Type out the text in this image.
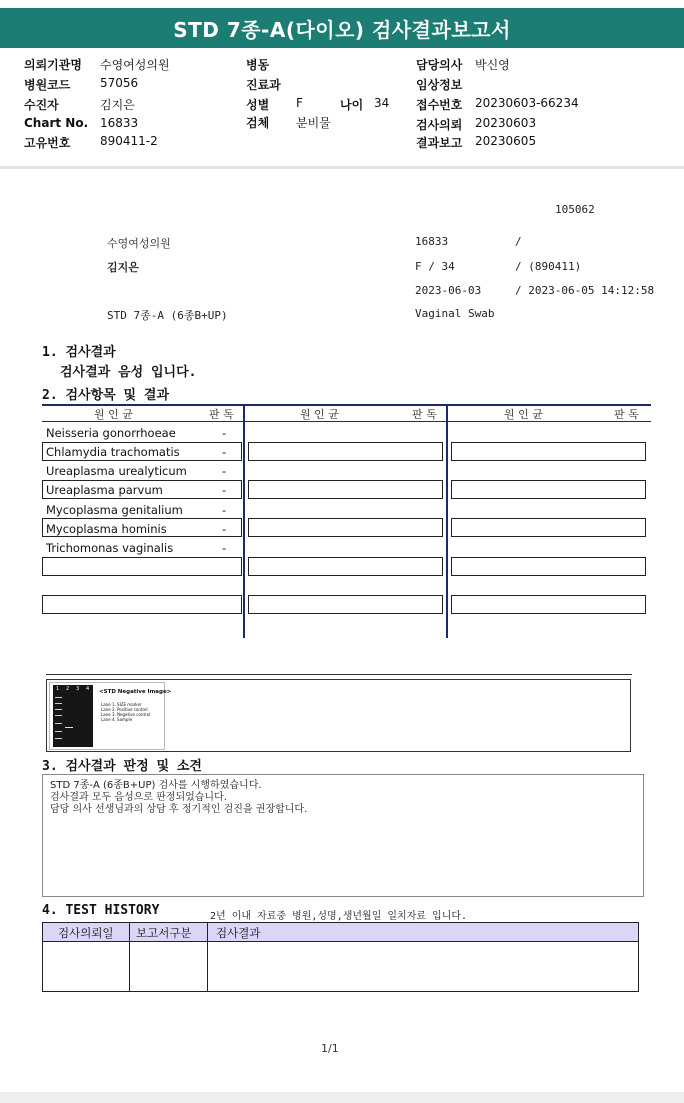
STD 7종-A(다이오) 검사결과보고서
의뢰기관명 수영여성의원	병동	담당의사 박신영
병원코드 57056	진료과	임상정보
수진자	김지은	성별 F	나이 34 접수번호 20230603-66234
Chart No. 16833	검체 분비물	검사의뢰 20230603
고유번호 890411-2	결과보고 20230605
105062
수영여성의원	16833	/
김지은	F / 34	/ (890411)
2023-06-03	/ 2023-06-05 14:12:58
STD 7종-A (6종B+UP)	Vaginal Swab
1. 검사결과
검사결과 음성 입니다.
2. 검사항목 및 결과
원 인 균	판 독	원 인 균	판 독	원 인 균	판 독
Neisseria gonorrhoeae	-
Chlamydia trachomatis	-
Ureaplasma urealyticum	-
Ureaplasma parvum	-
Mycoplasma genitalium	-
Mycoplasma hominis	-
Trichomonas vaginalis	-
1 2 3 4 <STD Negative Image>
Lane 1. SIZE marker
Lane 2. Positive control
Lane 3. Negative control
Lane 4. Sample
3. 검사결과 판정 및 소견
STD 7종-A (6종B+UP) 검사를 시행하였습니다.
검사결과 모두 음성으로 판정되었습니다.
담당 의사 선생님과의 상담 후 정기적인 검진을 권장합니다.
4. TEST HISTORY	2년 이내 자료중 병원,성명,생년월일 일치자료 입니다.
검사의뢰일 보고서구분 검사결과
1/1
